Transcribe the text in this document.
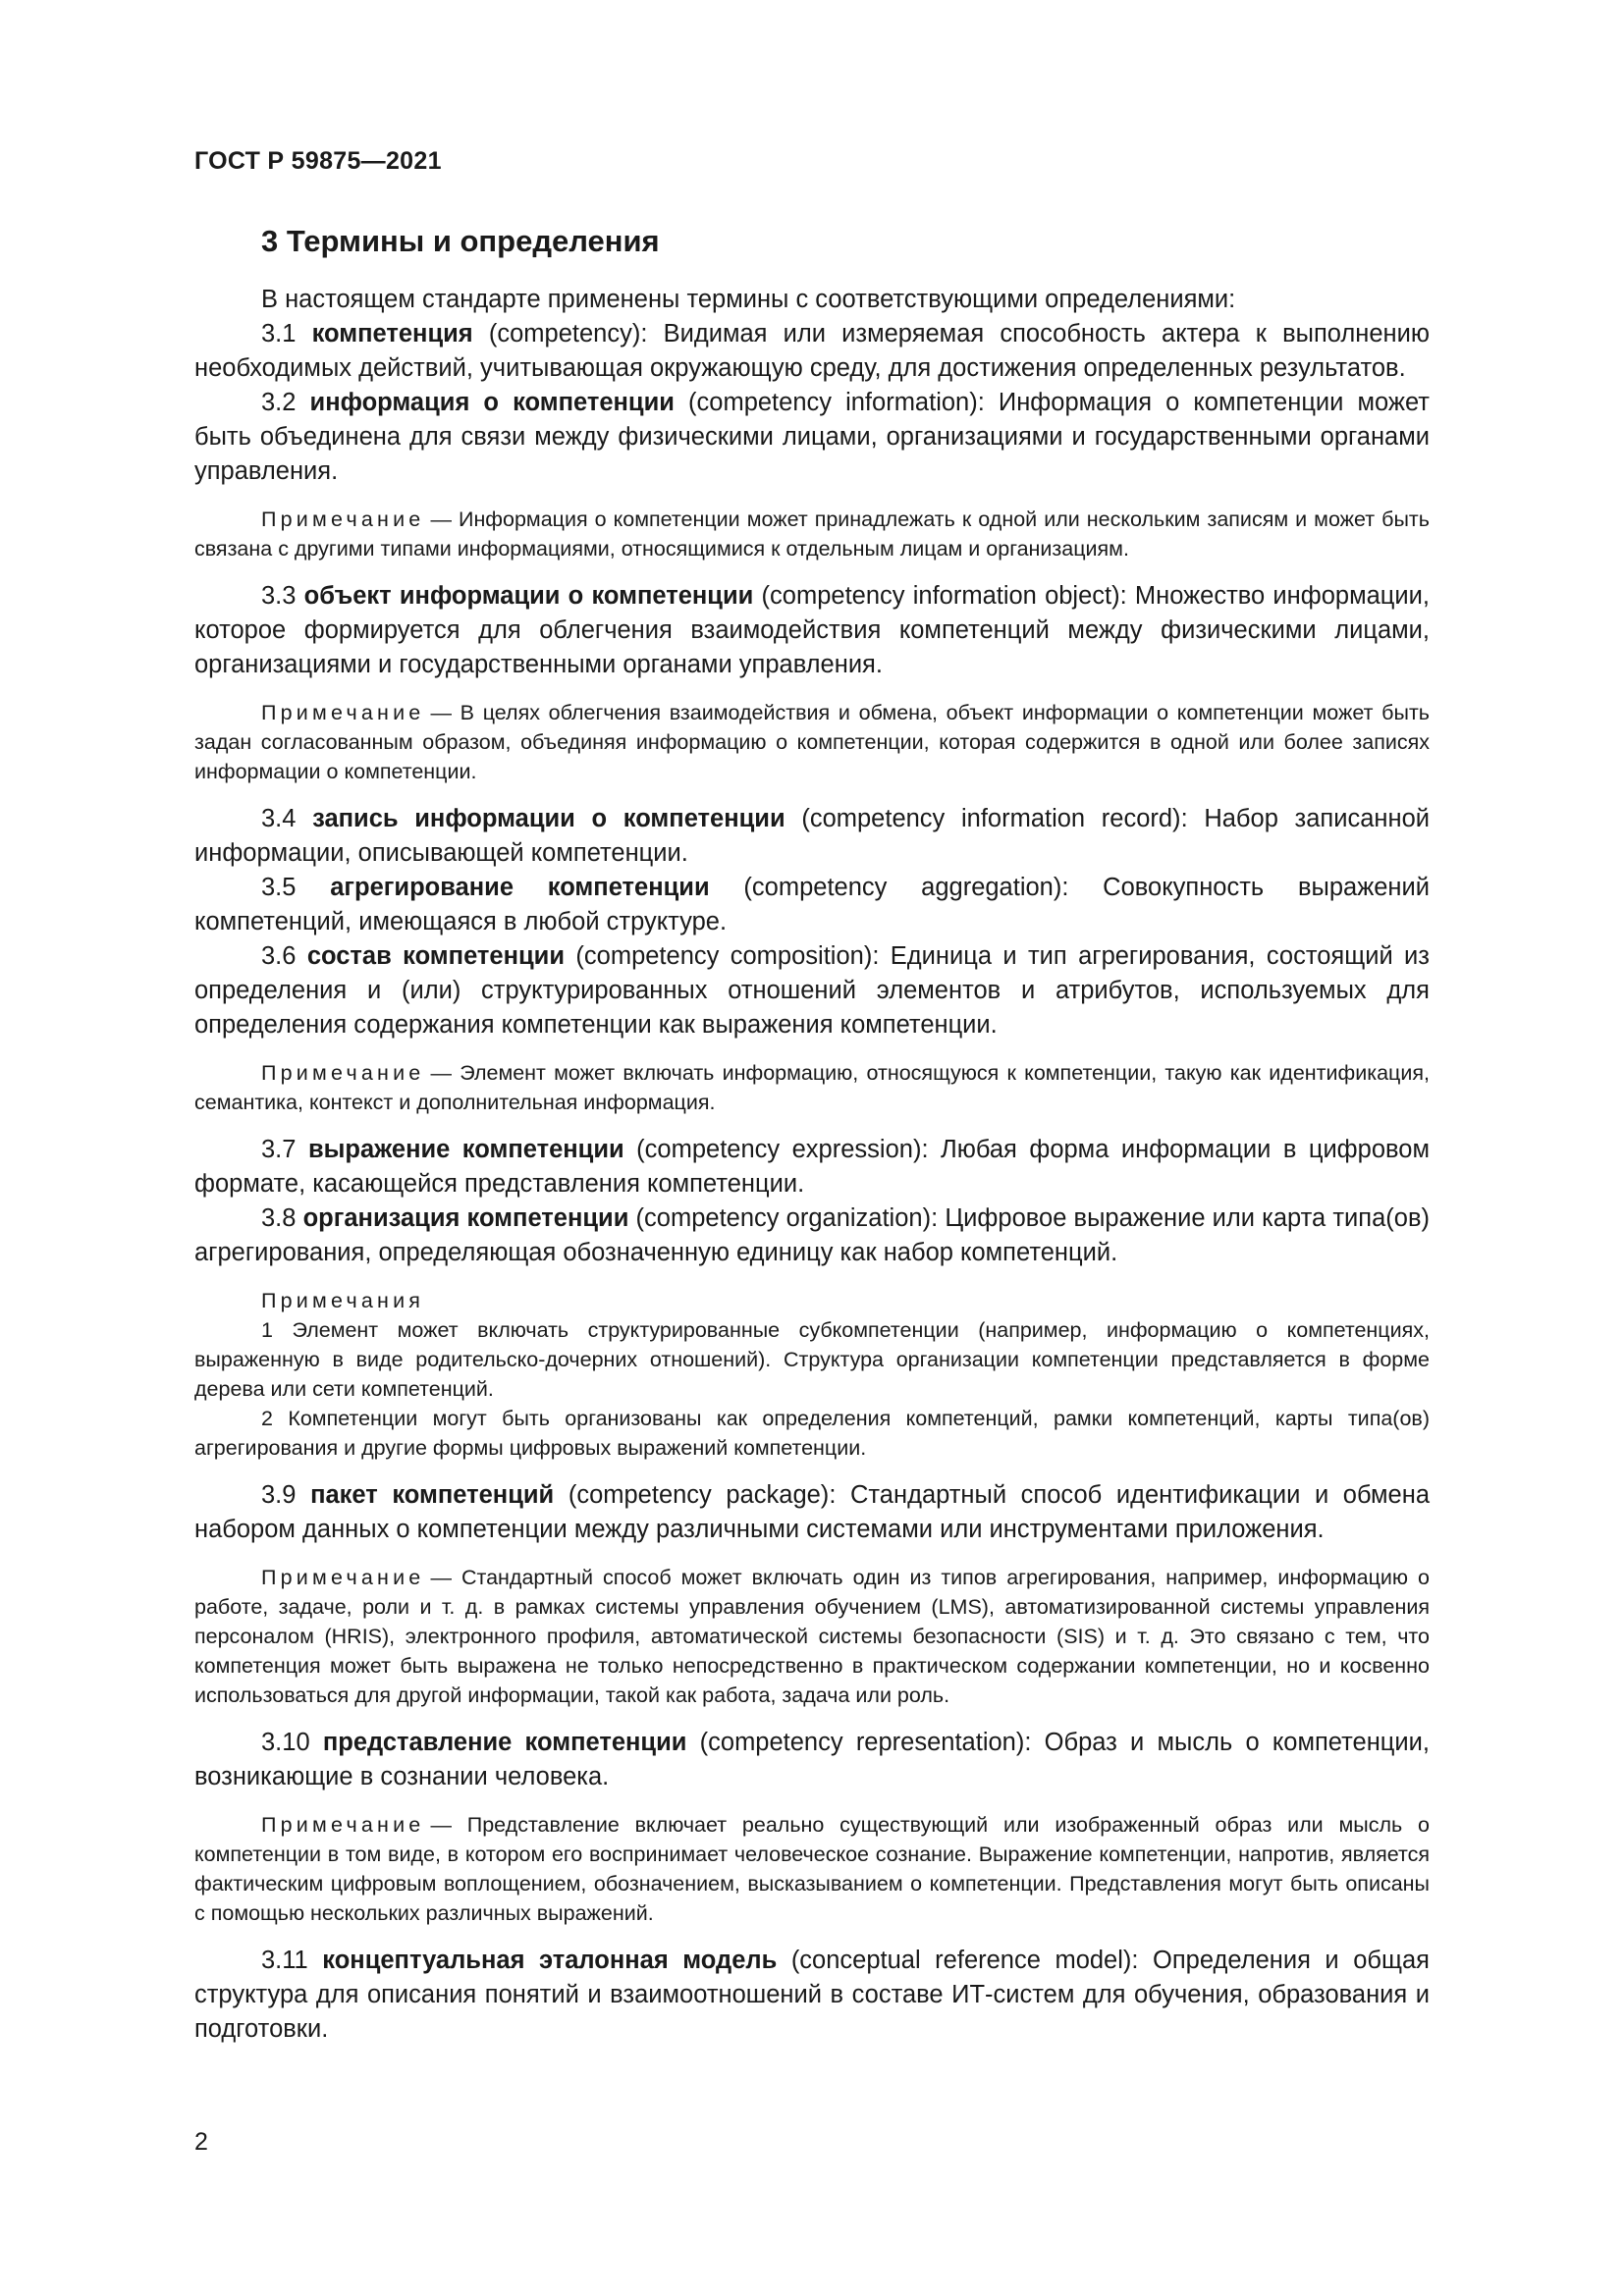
ГОСТ Р 59875—2021
3 Термины и определения

В настоящем стандарте применены термины с соответствующими определениями:

3.1 компетенция (competency): Видимая или измеряемая способность актера к выполнению необходимых действий, учитывающая окружающую среду, для достижения определенных результатов.

3.2 информация о компетенции (competency information): Информация о компетенции может быть объединена для связи между физическими лицами, организациями и государственными органами управления.

Примечание — Информация о компетенции может принадлежать к одной или нескольким записям и может быть связана с другими типами информациями, относящимися к отдельным лицам и организациям.

3.3 объект информации о компетенции (competency information object): Множество информации, которое формируется для облегчения взаимодействия компетенций между физическими лицами, организациями и государственными органами управления.

Примечание — В целях облегчения взаимодействия и обмена, объект информации о компетенции может быть задан согласованным образом, объединяя информацию о компетенции, которая содержится в одной или более записях информации о компетенции.

3.4 запись информации о компетенции (competency information record): Набор записанной информации, описывающей компетенции.

3.5 агрегирование компетенции (competency aggregation): Совокупность выражений компетенций, имеющаяся в любой структуре.

3.6 состав компетенции (competency composition): Единица и тип агрегирования, состоящий из определения и (или) структурированных отношений элементов и атрибутов, используемых для определения содержания компетенции как выражения компетенции.

Примечание — Элемент может включать информацию, относящуюся к компетенции, такую как идентификация, семантика, контекст и дополнительная информация.

3.7 выражение компетенции (competency expression): Любая форма информации в цифровом формате, касающейся представления компетенции.

3.8 организация компетенции (competency organization): Цифровое выражение или карта типа(ов) агрегирования, определяющая обозначенную единицу как набор компетенций.

Примечания

1 Элемент может включать структурированные субкомпетенции (например, информацию о компетенциях, выраженную в виде родительско-дочерних отношений). Структура организации компетенции представляется в форме дерева или сети компетенций.

2 Компетенции могут быть организованы как определения компетенций, рамки компетенций, карты типа(ов) агрегирования и другие формы цифровых выражений компетенции.

3.9 пакет компетенций (competency package): Стандартный способ идентификации и обмена набором данных о компетенции между различными системами или инструментами приложения.

Примечание — Стандартный способ может включать один из типов агрегирования, например, информацию о работе, задаче, роли и т. д. в рамках системы управления обучением (LMS), автоматизированной системы управления персоналом (HRIS), электронного профиля, автоматической системы безопасности (SIS) и т. д. Это связано с тем, что компетенция может быть выражена не только непосредственно в практическом содержании компетенции, но и косвенно использоваться для другой информации, такой как работа, задача или роль.

3.10 представление компетенции (competency representation): Образ и мысль о компетенции, возникающие в сознании человека.

Примечание — Представление включает реально существующий или изображенный образ или мысль о компетенции в том виде, в котором его воспринимает человеческое сознание. Выражение компетенции, напротив, является фактическим цифровым воплощением, обозначением, высказыванием о компетенции. Представления могут быть описаны с помощью нескольких различных выражений.

3.11 концептуальная эталонная модель (conceptual reference model): Определения и общая структура для описания понятий и взаимоотношений в составе ИТ-систем для обучения, образования и подготовки.

2
